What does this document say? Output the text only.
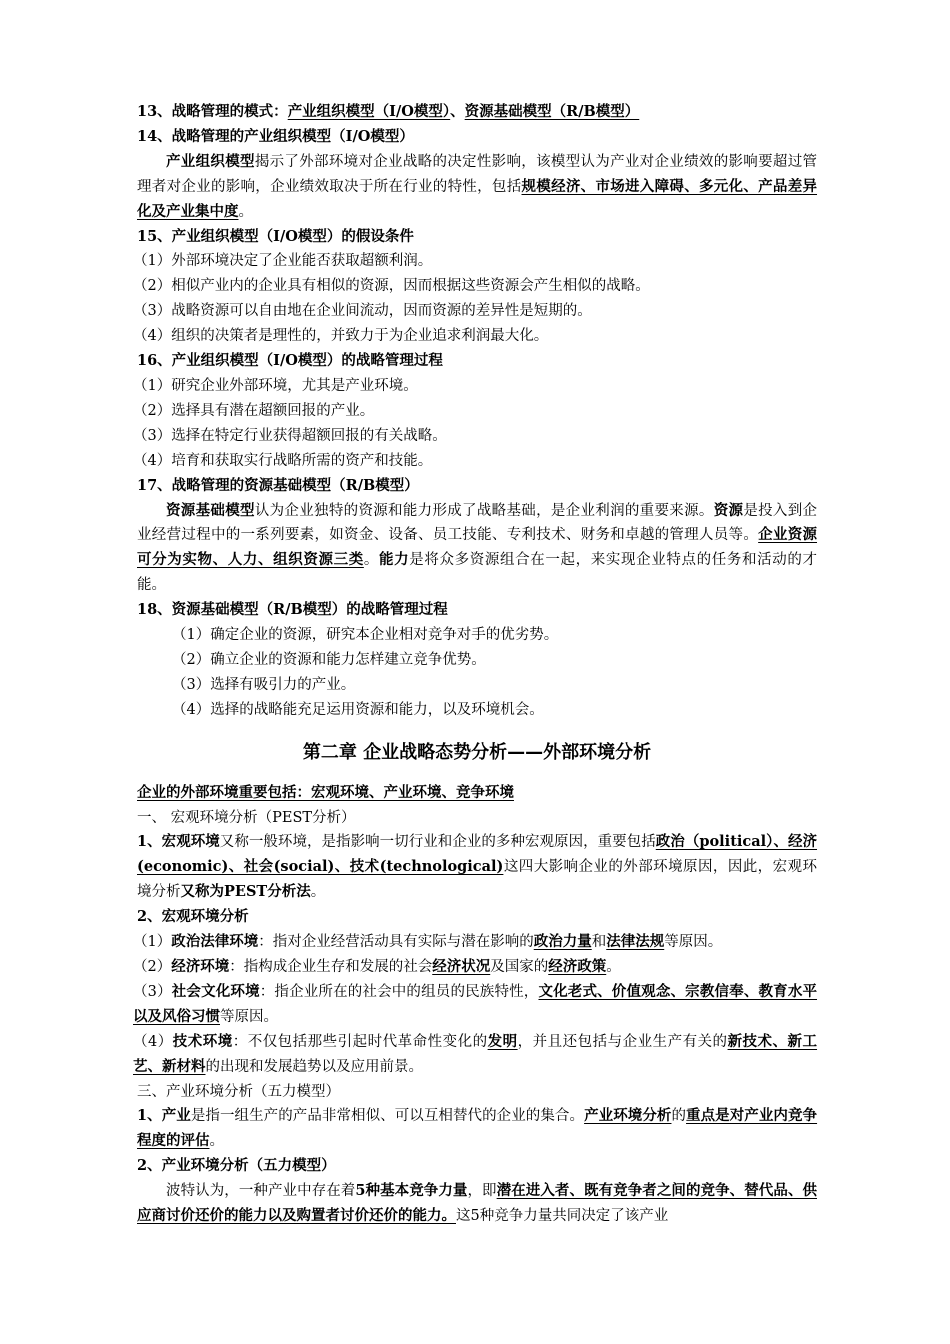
13、战略管理的模式：产业组织模型（I/O模型）、资源基础模型（R/B模型）
14、战略管理的产业组织模型（I/O模型）
产业组织模型揭示了外部环境对企业战略的决定性影响，该模型认为产业对企业绩效的影响要超过管理者对企业的影响，企业绩效取决于所在行业的特性，包括规模经济、市场进入障碍、多元化、产品差异化及产业集中度。
15、产业组织模型（I/O模型）的假设条件
（1）外部环境决定了企业能否获取超额利润。
（2）相似产业内的企业具有相似的资源，因而根据这些资源会产生相似的战略。
（3）战略资源可以自由地在企业间流动，因而资源的差异性是短期的。
（4）组织的决策者是理性的，并致力于为企业追求利润最大化。
16、产业组织模型（I/O模型）的战略管理过程
（1）研究企业外部环境，尤其是产业环境。
（2）选择具有潜在超额回报的产业。
（3）选择在特定行业获得超额回报的有关战略。
（4）培育和获取实行战略所需的资产和技能。
17、战略管理的资源基础模型（R/B模型）
资源基础模型认为企业独特的资源和能力形成了战略基础，是企业利润的重要来源。资源是投入到企业经营过程中的一系列要素，如资金、设备、员工技能、专利技术、财务和卓越的管理人员等。企业资源可分为实物、人力、组织资源三类。能力是将众多资源组合在一起，来实现企业特点的任务和活动的才能。
18、资源基础模型（R/B模型）的战略管理过程
（1）确定企业的资源，研究本企业相对竞争对手的优劣势。
（2）确立企业的资源和能力怎样建立竞争优势。
（3）选择有吸引力的产业。
（4）选择的战略能充足运用资源和能力，以及环境机会。
第二章 企业战略态势分析——外部环境分析
企业的外部环境重要包括：宏观环境、产业环境、竞争环境
一、 宏观环境分析（PEST分析）
1、宏观环境又称一般环境，是指影响一切行业和企业的多种宏观原因，重要包括政治（political）、经济(economic)、社会(social)、技术(technological)这四大影响企业的外部环境原因，因此，宏观环境分析又称为PEST分析法。
2、宏观环境分析
（1）政治法律环境：指对企业经营活动具有实际与潜在影响的政治力量和法律法规等原因。
（2）经济环境：指构成企业生存和发展的社会经济状况及国家的经济政策。
（3）社会文化环境：指企业所在的社会中的组员的民族特性，文化老式、价值观念、宗教信奉、教育水平以及风俗习惯等原因。
（4）技术环境：不仅包括那些引起时代革命性变化的发明，并且还包括与企业生产有关的新技术、新工艺、新材料的出现和发展趋势以及应用前景。
三、产业环境分析（五力模型）
1、产业是指一组生产的产品非常相似、可以互相替代的企业的集合。产业环境分析的重点是对产业内竞争程度的评估。
2、产业环境分析（五力模型）
波特认为，一种产业中存在着5种基本竞争力量，即潜在进入者、既有竞争者之间的竞争、替代品、供应商讨价还价的能力以及购置者讨价还价的能力。这5种竞争力量共同决定了该产业
